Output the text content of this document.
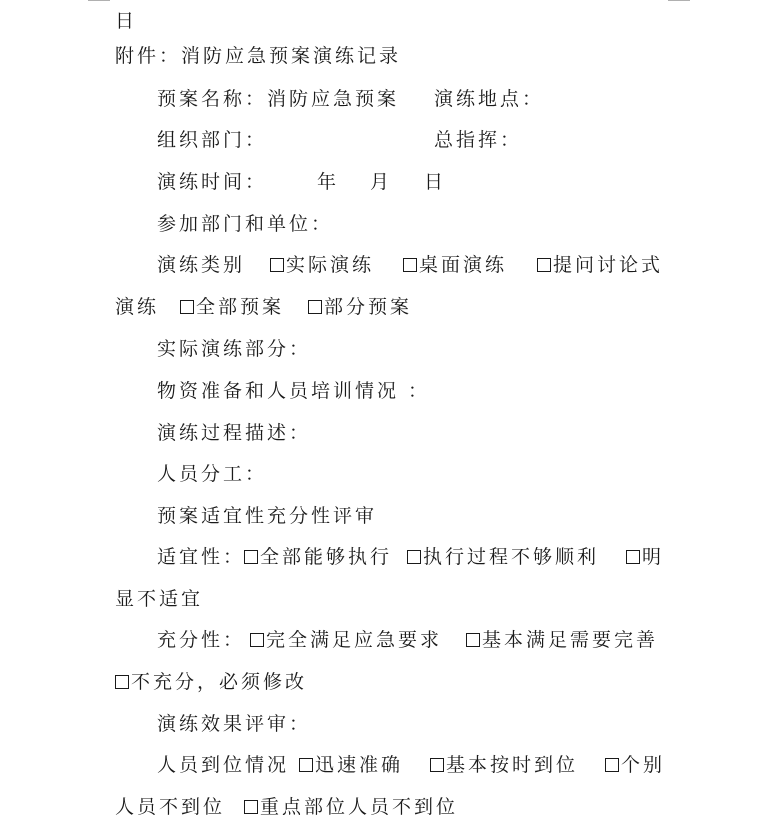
日
附件：消防应急预案演练记录
预案名称：消防应急预案 演练地点：
组织部门：	总指挥：
演练时间：	年 月 日
参加部门和单位：
演练类别	实际演练	桌面演练	提问讨论式
演练	全部预案	部分预案
实际演练部分：
物资准备和人员培训情况 ：
演练过程描述：
人员分工：
预案适宜性充分性评审
适宜性： 全部能够执行	执行过程不够顺利	明
显不适宜
充分性：	完全满足应急要求	基本满足需要完善
不充分，必须修改
演练效果评审：
人员到位情况	迅速准确	基本按时到位	个别
人员不到位	重点部位人员不到位
